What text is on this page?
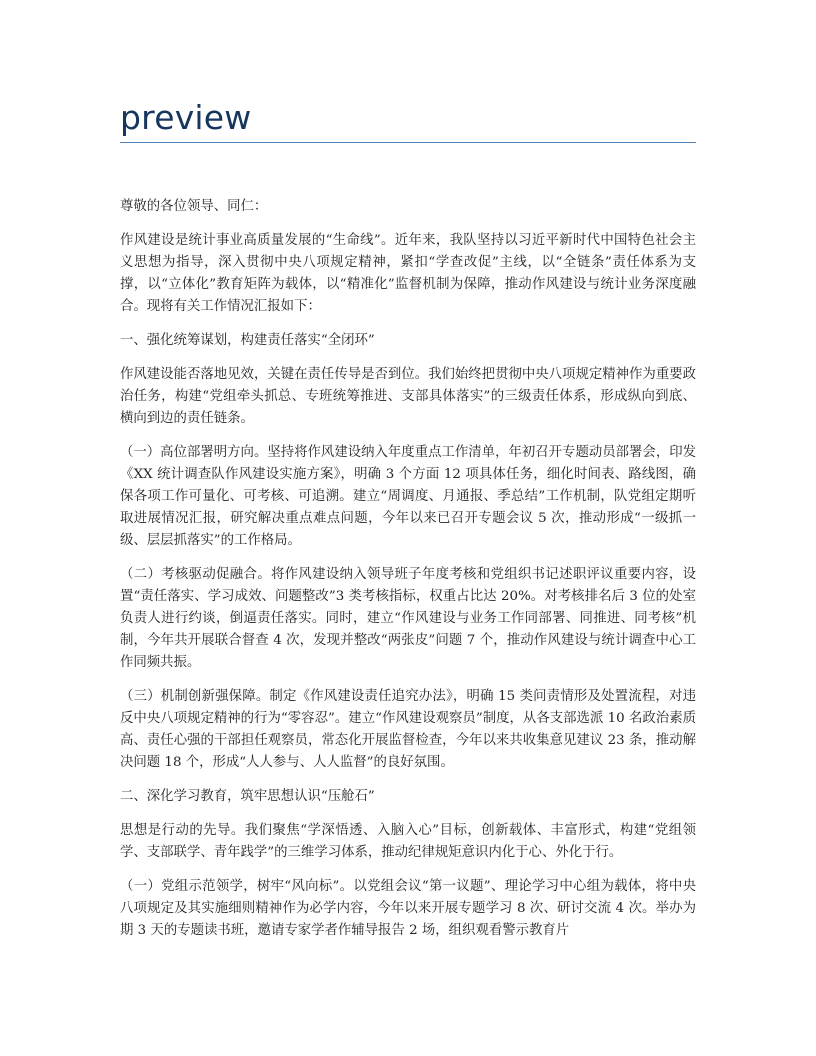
preview

尊敬的各位领导、同仁：

作风建设是统计事业高质量发展的“生命线”。近年来，我队坚持以习近平新时代中国特色社会主义思想为指导，深入贯彻中央八项规定精神，紧扣“学查改促”主线，以“全链条”责任体系为支撑，以“立体化”教育矩阵为载体，以“精准化”监督机制为保障，推动作风建设与统计业务深度融合。现将有关工作情况汇报如下：

一、强化统筹谋划，构建责任落实“全闭环”

作风建设能否落地见效，关键在责任传导是否到位。我们始终把贯彻中央八项规定精神作为重要政治任务，构建“党组牵头抓总、专班统筹推进、支部具体落实”的三级责任体系，形成纵向到底、横向到边的责任链条。

（一）高位部署明方向。坚持将作风建设纳入年度重点工作清单，年初召开专题动员部署会，印发《XX 统计调查队作风建设实施方案》，明确 3 个方面 12 项具体任务，细化时间表、路线图，确保各项工作可量化、可考核、可追溯。建立“周调度、月通报、季总结”工作机制，队党组定期听取进展情况汇报，研究解决重点难点问题，今年以来已召开专题会议 5 次，推动形成“一级抓一级、层层抓落实”的工作格局。

（二）考核驱动促融合。将作风建设纳入领导班子年度考核和党组织书记述职评议重要内容，设置“责任落实、学习成效、问题整改”3 类考核指标，权重占比达 20%。对考核排名后 3 位的处室负责人进行约谈，倒逼责任落实。同时，建立“作风建设与业务工作同部署、同推进、同考核”机制，今年共开展联合督查 4 次，发现并整改“两张皮”问题 7 个，推动作风建设与统计调查中心工作同频共振。

（三）机制创新强保障。制定《作风建设责任追究办法》，明确 15 类问责情形及处置流程，对违反中央八项规定精神的行为“零容忍”。建立“作风建设观察员”制度，从各支部选派 10 名政治素质高、责任心强的干部担任观察员，常态化开展监督检查，今年以来共收集意见建议 23 条，推动解决问题 18 个，形成“人人参与、人人监督”的良好氛围。

二、深化学习教育，筑牢思想认识“压舱石”

思想是行动的先导。我们聚焦“学深悟透、入脑入心”目标，创新载体、丰富形式，构建“党组领学、支部联学、青年践学”的三维学习体系，推动纪律规矩意识内化于心、外化于行。

（一）党组示范领学，树牢“风向标”。以党组会议“第一议题”、理论学习中心组为载体，将中央八项规定及其实施细则精神作为必学内容，今年以来开展专题学习 8 次、研讨交流 4 次。举办为期 3 天的专题读书班，邀请专家学者作辅导报告 2 场，组织观看警示教育片
